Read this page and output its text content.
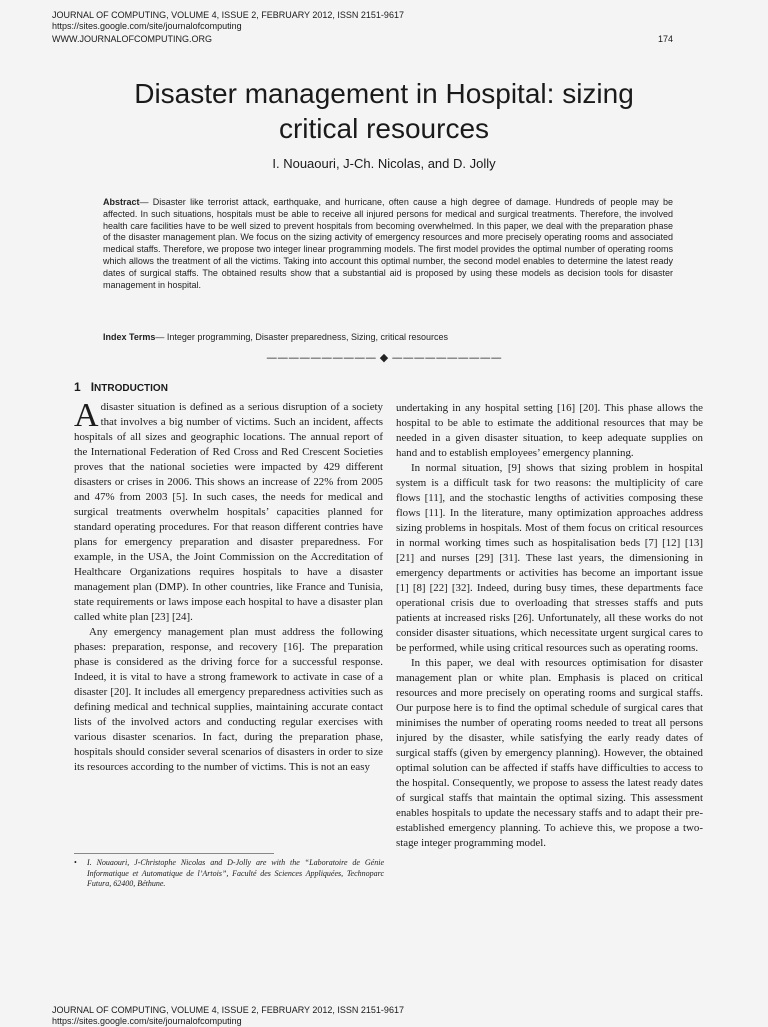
JOURNAL OF COMPUTING, VOLUME 4, ISSUE 2, FEBRUARY 2012, ISSN 2151-9617
https://sites.google.com/site/journalofcomputing
WWW.JOURNALOFCOMPUTING.ORG	174
Disaster management in Hospital: sizing
critical resources
I. Nouaouri, J-Ch. Nicolas, and D. Jolly
Abstract— Disaster like terrorist attack, earthquake, and hurricane, often cause a high degree of damage. Hundreds of people may be affected. In such situations, hospitals must be able to receive all injured persons for medical and surgical treatments. Therefore, the involved health care facilities have to be well sized to prevent hospitals from becoming overwhelmed. In this paper, we deal with the preparation phase of the disaster management plan. We focus on the sizing activity of emergency resources and more precisely operating rooms and associated medical staffs. Therefore, we propose two integer linear programming models. The first model provides the optimal number of operating rooms which allows the treatment of all the victims. Taking into account this optimal number, the second model enables to determine the latest ready dates of surgical staffs. The obtained results show that a substantial aid is proposed by using these models as decision tools for disaster management in hospital.
Index Terms— Integer programming, Disaster preparedness, Sizing, critical resources
—————————— ◆ ——————————
1 INTRODUCTION

Adisaster situation is defined as a serious disruption of a society that involves a big number of victims. Such an incident, affects hospitals of all sizes and geographic locations. The annual report of the International Federation of Red Cross and Red Crescent Societies proves that the national societies were impacted by 429 different disasters or crises in 2006. This shows an increase of 22% from 2005 and 47% from 2003 [5]. In such cases, the needs for medical and surgical treatments overwhelm hospitals’ capacities planned for standard operating procedures. For that reason different contries have plans for emergency preparation and disaster preparedness. For example, in the USA, the Joint Commission on the Accreditation of Healthcare Organizations requires hospitals to have a disaster management plan (DMP). In other countries, like France and Tunisia, state requirements or laws impose each hospital to have a disaster plan called white plan [23] [24].

Any emergency management plan must address the following phases: preparation, response, and recovery [16]. The preparation phase is considered as the driving force for a successful response. Indeed, it is vital to have a strong framework to activate in case of a disaster [20]. It includes all emergency preparedness activities such as defining medical and technical supplies, maintaining accurate contact lists of the involved actors and conducting regular exercises with various disaster scenarios. In fact, during the preparation phase, hospitals should consider several scenarios of disasters in order to size its resources according to the number of victims. This is not an easy

undertaking in any hospital setting [16] [20]. This phase allows the hospital to be able to estimate the additional resources that may be needed in a given disaster situation, to keep adequate supplies on hand and to establish employees’ emergency planning.

In normal situation, [9] shows that sizing problem in hospital system is a difficult task for two reasons: the multiplicity of care flows [11], and the stochastic lengths of activities composing these flows [11]. In the literature, many optimization approaches address sizing problems in hospitals. Most of them focus on critical resources in normal working times such as hospitalisation beds [7] [12] [13] [21] and nurses [29] [31]. These last years, the dimensioning in emergency departments or activities has become an important issue [1] [8] [22] [32]. Indeed, during busy times, these departments face operational crisis due to overloading that stresses staffs and puts patients at increased risks [26]. Unfortunately, all these works do not consider disaster situations, which necessitate urgent surgical cares to be performed, while using critical resources such as operating rooms.

In this paper, we deal with resources optimisation for disaster management plan or white plan. Emphasis is placed on critical resources and more precisely on operating rooms and surgical staffs. Our purpose here is to find the optimal schedule of surgical cares that minimises the number of operating rooms needed to treat all persons injured by the disaster, while satisfying the early ready dates of surgical staffs (given by emergency planning). However, the obtained optimal solution can be affected if staffs have difficulties to access to the hospital. Consequently, we propose to assess the latest ready dates of surgical staffs that maintain the optimal sizing. This assessment enables hospitals to update the necessary staffs and to adapt their pre-established emergency planning. To achieve this, we propose a two-stage integer programming model.

•	I. Nouaouri, J-Christophe Nicolas and D-Jolly are with the “Laboratoire de Génie Informatique et Automatique de l’Artois”, Faculté des Sciences Appliquées, Technoparc Futura, 62400, Béthune.
JOURNAL OF COMPUTING, VOLUME 4, ISSUE 2, FEBRUARY 2012, ISSN 2151-9617
https://sites.google.com/site/journalofcomputing
